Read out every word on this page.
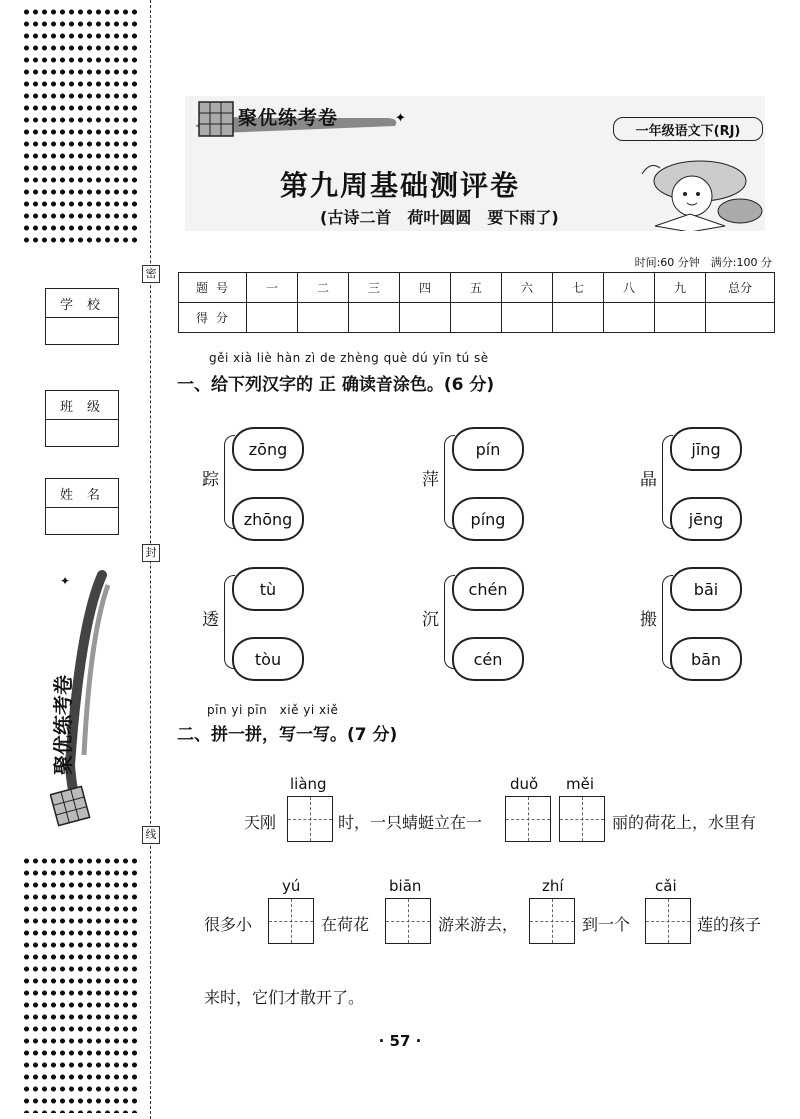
学校
班级
姓名
聚优练考卷
✦
密
封
线
✦
聚优练考卷
一年级语文下(RJ)
第九周基础测评卷
(古诗二首　荷叶圆圆　要下雨了)
时间:60 分钟　满分:100 分
题号	一	二	三	四	五	六	七	八	九	总分
得分										
gěi xià liè hàn zì de zhèng què dú yīn tú sè
一、给下列汉字的 正 确读音涂色。(6 分)
踪
zōng
zhōng
萍
pín
píng
晶
jīng
jēng
透
tù
tòu
沉
chén
cén
搬
bāi
bān
pīn yi pīn　xiě yi xiě
二、拼一拼，写一写。(7 分)
天刚
liàng
时，一只蜻蜓立在一
duǒ měi
丽的荷花上，水里有
很多小
yú
在荷花
biān
游来游去，
zhí
到一个
cǎi
莲的孩子
来时，它们才散开了。
· 57 ·
